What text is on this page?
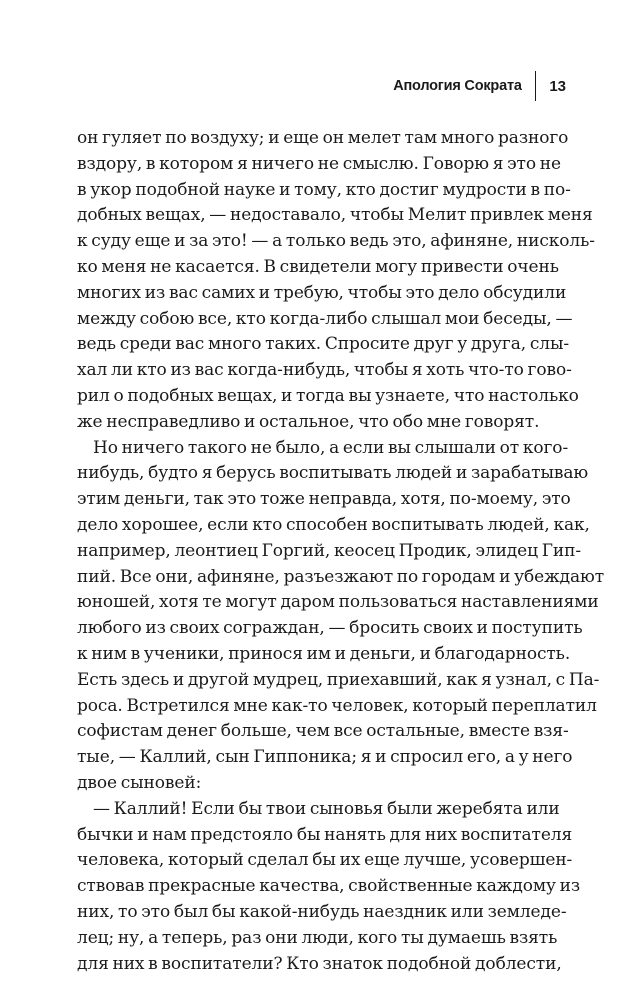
Апология Сократа	13
он гуляет по воздуху; и еще он мелет там много разного
вздору, в котором я ничего не смыслю. Говорю я это не
в укор подобной науке и тому, кто достиг мудрости в по-
добных вещах, — недоставало, чтобы Мелит привлек меня
к суду еще и за это! — а только ведь это, афиняне, нисколь-
ко меня не касается. В свидетели могу привести очень
многих из вас самих и требую, чтобы это дело обсудили
между собою все, кто когда-либо слышал мои беседы, —
ведь среди вас много таких. Спросите друг у друга, слы-
хал ли кто из вас когда-нибудь, чтобы я хоть что-то гово-
рил о подобных вещах, и тогда вы узнаете, что настолько
же несправедливо и остальное, что обо мне говорят.
Но ничего такого не было, а если вы слышали от кого-
нибудь, будто я берусь воспитывать людей и зарабатываю
этим деньги, так это тоже неправда, хотя, по-моему, это
дело хорошее, если кто способен воспитывать людей, как,
например, леонтиец Горгий, кеосец Продик, элидец Гип-
пий. Все они, афиняне, разъезжают по городам и убеждают
юношей, хотя те могут даром пользоваться наставлениями
любого из своих сограждан, — бросить своих и поступить
к ним в ученики, принося им и деньги, и благодарность.
Есть здесь и другой мудрец, приехавший, как я узнал, с Па-
роса. Встретился мне как-то человек, который переплатил
софистам денег больше, чем все остальные, вместе взя-
тые, — Каллий, сын Гиппоника; я и спросил его, а у него
двое сыновей:
— Каллий! Если бы твои сыновья были жеребята или
бычки и нам предстояло бы нанять для них воспитателя
человека, который сделал бы их еще лучше, усовершен-
ствовав прекрасные качества, свойственные каждому из
них, то это был бы какой-нибудь наездник или земледе-
лец; ну, а теперь, раз они люди, кого ты думаешь взять
для них в воспитатели? Кто знаток подобной доблести,
